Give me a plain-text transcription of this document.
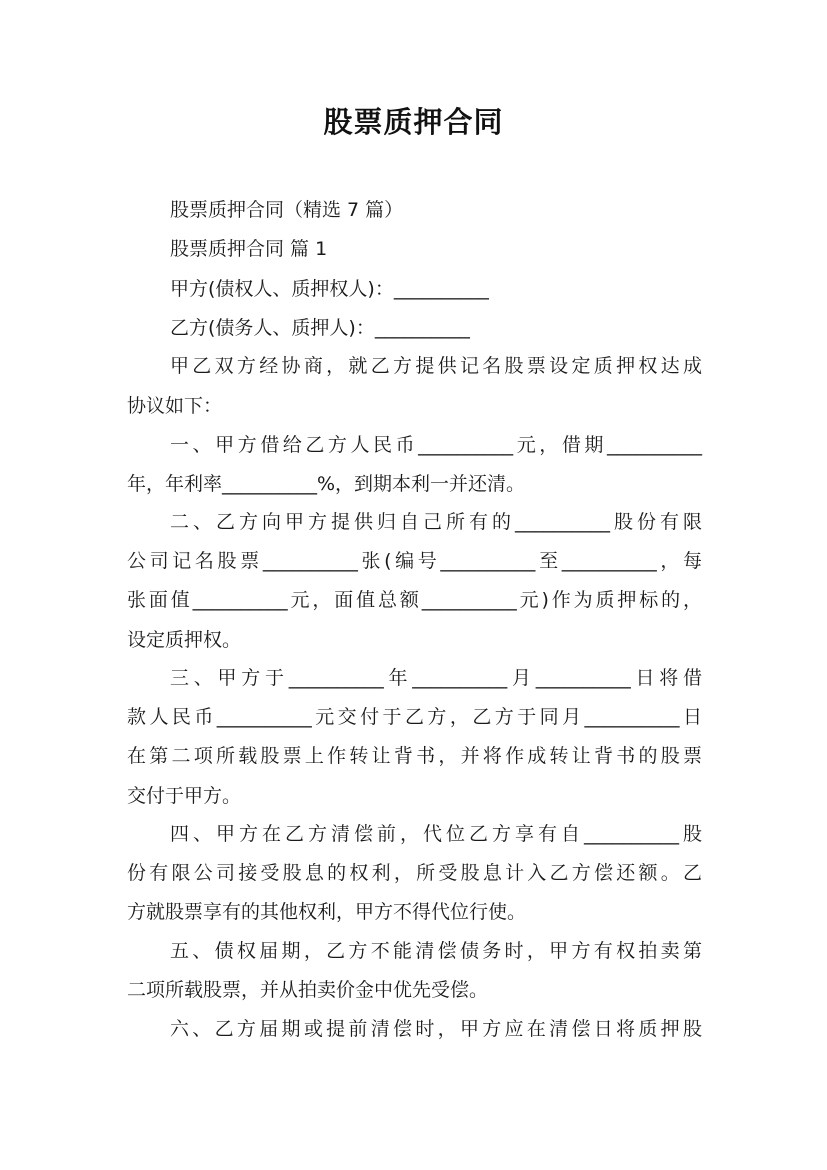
股票质押合同
股票质押合同（精选 7 篇）
股票质押合同 篇 1
甲方(债权人、质押权人)：__________
乙方(债务人、质押人)：__________
甲乙双方经协商，就乙方提供记名股票设定质押权达成
协议如下：
一、甲方借给乙方人民币__________元，借期__________
年，年利率__________%，到期本利一并还清。
二、乙方向甲方提供归自己所有的__________股份有限
公司记名股票__________张(编号__________至__________，每
张面值__________元，面值总额__________元)作为质押标的，
设定质押权。
三、甲方于__________年__________月__________日将借
款人民币__________元交付于乙方，乙方于同月__________日
在第二项所载股票上作转让背书，并将作成转让背书的股票
交付于甲方。
四、甲方在乙方清偿前，代位乙方享有自__________股
份有限公司接受股息的权利，所受股息计入乙方偿还额。乙
方就股票享有的其他权利，甲方不得代位行使。
五、债权届期，乙方不能清偿债务时，甲方有权拍卖第
二项所载股票，并从拍卖价金中优先受偿。
六、乙方届期或提前清偿时，甲方应在清偿日将质押股
